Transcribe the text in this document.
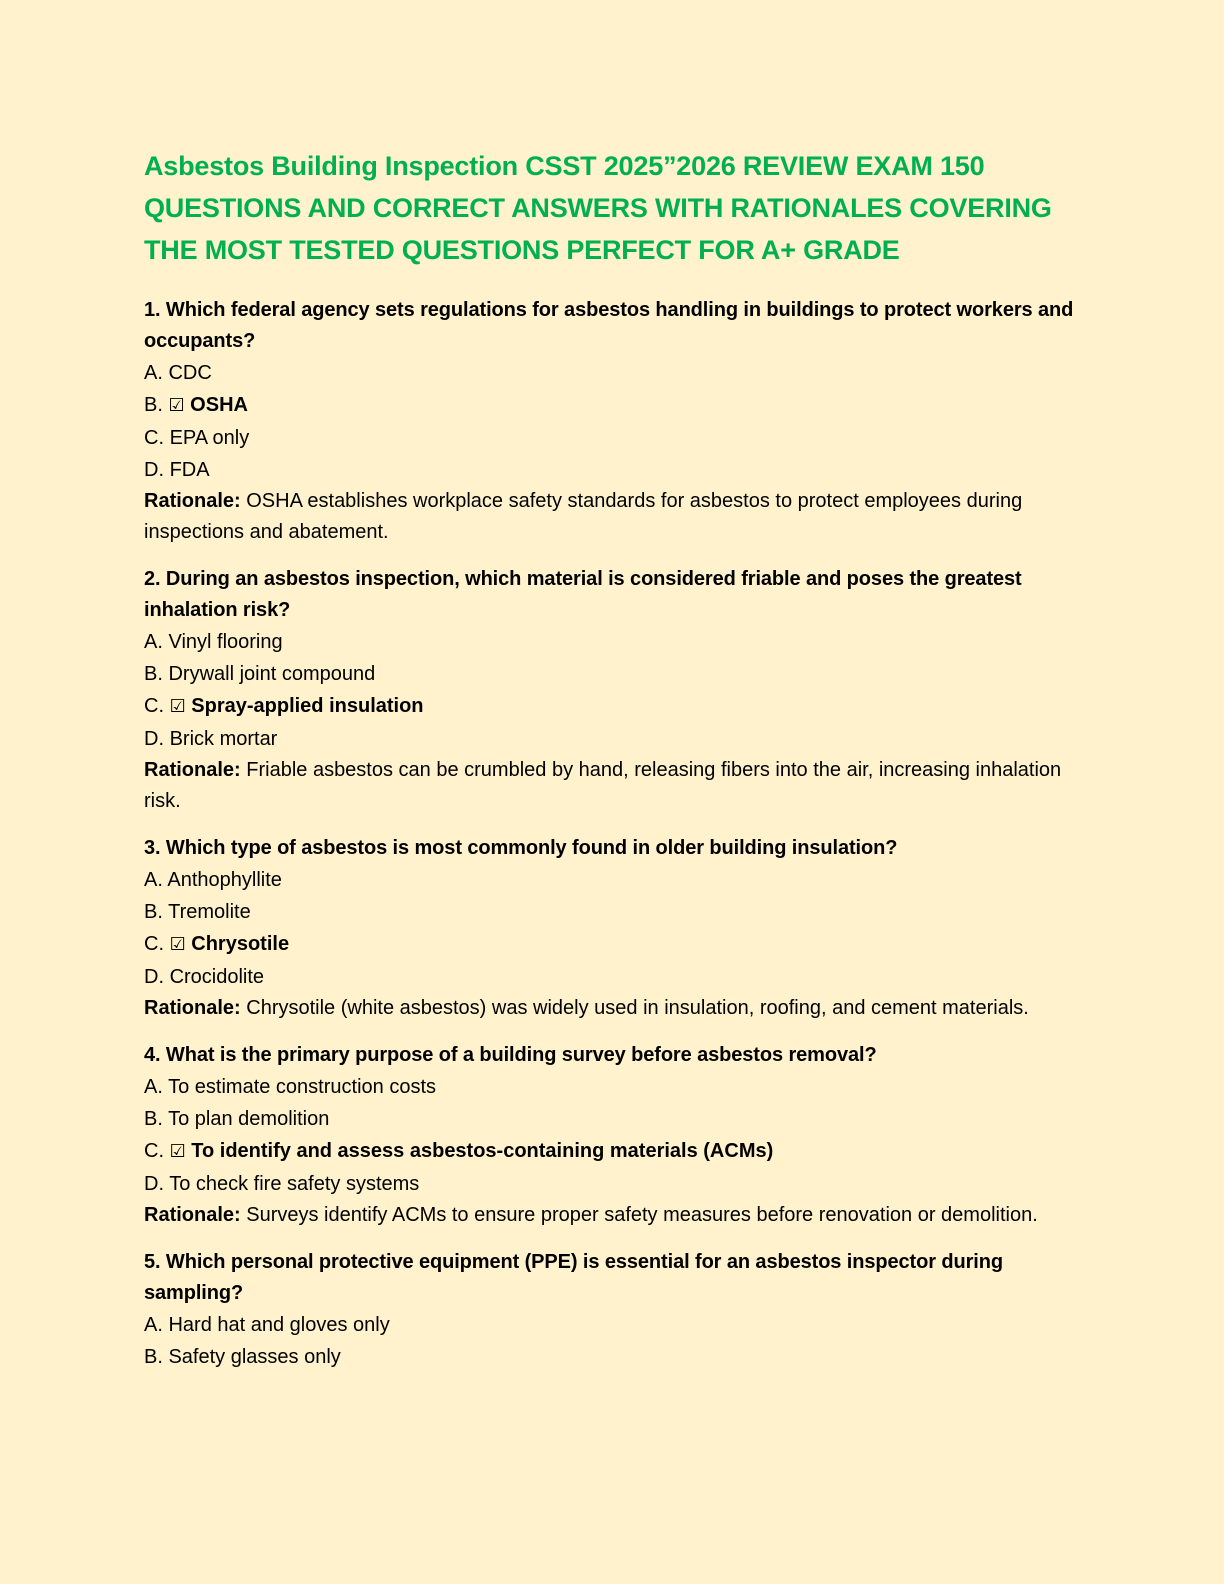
Asbestos Building Inspection CSST 2025”2026 REVIEW EXAM 150 QUESTIONS AND CORRECT ANSWERS WITH RATIONALES COVERING THE MOST TESTED QUESTIONS PERFECT FOR A+ GRADE

1. Which federal agency sets regulations for asbestos handling in buildings to protect workers and occupants?

A. CDC

B. ☑ OSHA

C. EPA only

D. FDA

Rationale: OSHA establishes workplace safety standards for asbestos to protect employees during inspections and abatement.

2. During an asbestos inspection, which material is considered friable and poses the greatest inhalation risk?

A. Vinyl flooring

B. Drywall joint compound

C. ☑ Spray-applied insulation

D. Brick mortar

Rationale: Friable asbestos can be crumbled by hand, releasing fibers into the air, increasing inhalation risk.

3. Which type of asbestos is most commonly found in older building insulation?

A. Anthophyllite

B. Tremolite

C. ☑ Chrysotile

D. Crocidolite

Rationale: Chrysotile (white asbestos) was widely used in insulation, roofing, and cement materials.

4. What is the primary purpose of a building survey before asbestos removal?

A. To estimate construction costs

B. To plan demolition

C. ☑ To identify and assess asbestos-containing materials (ACMs)

D. To check fire safety systems

Rationale: Surveys identify ACMs to ensure proper safety measures before renovation or demolition.

5. Which personal protective equipment (PPE) is essential for an asbestos inspector during sampling?

A. Hard hat and gloves only

B. Safety glasses only
